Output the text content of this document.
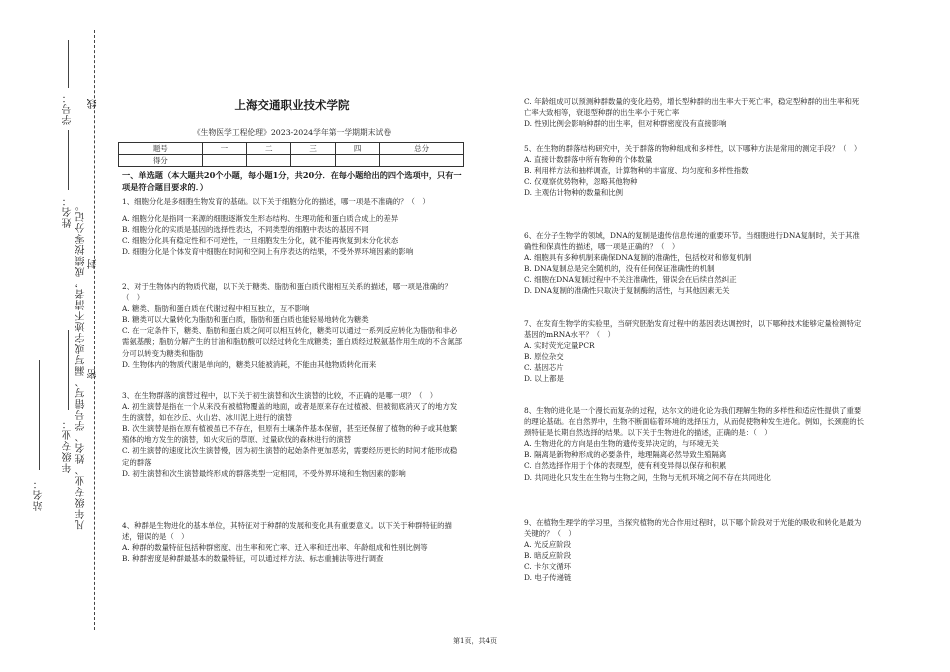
线
封
密
学号：
姓名： 凡年级专业、姓名、学号错写、漏写或字迹不清者，成绩按零分记。
年级专业：
站名：
上海交通职业技术学院
《生物医学工程伦理》2023-2024学年第一学期期末试卷
题号	一	二	三	四	总分
得分					
一、单选题（本大题共20个小题，每小题1分，共20分．在每小题给出的四个选项中，只有一项是符合题目要求的．）

1、细胞分化是多细胞生物发育的基础。以下关于细胞分化的描述，哪一项是不准确的？（　）

A. 细胞分化是指同一来源的细胞逐渐发生形态结构、生理功能和蛋白质合成上的差异

B. 细胞分化的实质是基因的选择性表达，不同类型的细胞中表达的基因不同

C. 细胞分化具有稳定性和不可逆性，一旦细胞发生分化，就不能再恢复到未分化状态

D. 细胞分化是个体发育中细胞在时间和空间上有序表达的结果，不受外界环境因素的影响

2、对于生物体内的物质代谢，以下关于糖类、脂肪和蛋白质代谢相互关系的描述，哪一项是准确的？（　）

A. 糖类、脂肪和蛋白质在代谢过程中相互独立，互不影响

B. 糖类可以大量转化为脂肪和蛋白质，脂肪和蛋白质也能轻易地转化为糖类

C. 在一定条件下，糖类、脂肪和蛋白质之间可以相互转化，糖类可以通过一系列反应转化为脂肪和非必需氨基酸；脂肪分解产生的甘油和脂肪酸可以经过转化生成糖类；蛋白质经过脱氨基作用生成的不含氮部分可以转变为糖类和脂肪

D. 生物体内的物质代谢是单向的，糖类只能被消耗，不能由其他物质转化而来

3、在生物群落的演替过程中，以下关于初生演替和次生演替的比较，不正确的是哪一项？（　）

A. 初生演替是指在一个从来没有被植物覆盖的地面，或者是原来存在过植被、但被彻底消灭了的地方发生的演替，如在沙丘、火山岩、冰川泥上进行的演替

B. 次生演替是指在原有植被虽已不存在，但原有土壤条件基本保留，甚至还保留了植物的种子或其他繁殖体的地方发生的演替，如火灾后的草原、过量砍伐的森林进行的演替

C. 初生演替的速度比次生演替慢，因为初生演替的起始条件更加恶劣，需要经历更长的时间才能形成稳定的群落

D. 初生演替和次生演替最终形成的群落类型一定相同，不受外界环境和生物因素的影响

4、种群是生物进化的基本单位，其特征对于种群的发展和变化具有重要意义。以下关于种群特征的描述，错误的是（　）

A. 种群的数量特征包括种群密度、出生率和死亡率、迁入率和迁出率、年龄组成和性别比例等

B. 种群密度是种群最基本的数量特征，可以通过样方法、标志重捕法等进行调查

C. 年龄组成可以预测种群数量的变化趋势，增长型种群的出生率大于死亡率，稳定型种群的出生率和死亡率大致相等，衰退型种群的出生率小于死亡率

D. 性别比例会影响种群的出生率，但对种群密度没有直接影响

5、在生物的群落结构研究中，关于群落的物种组成和多样性，以下哪种方法是常用的测定手段？（　）

A. 直接计数群落中所有物种的个体数量

B. 利用样方法和抽样调查，计算物种的丰富度、均匀度和多样性指数

C. 仅观察优势物种，忽略其他物种

D. 主观估计物种的数量和比例

6、在分子生物学的领域，DNA的复制是遗传信息传递的重要环节。当细胞进行DNA复制时，关于其准确性和保真性的描述，哪一项是正确的？（　）

A. 细胞具有多种机制来确保DNA复制的准确性，包括校对和修复机制

B. DNA复制总是完全随机的，没有任何保证准确性的机制

C. 细胞在DNA复制过程中不关注准确性，错误会在后续自然纠正

D. DNA复制的准确性只取决于复制酶的活性，与其他因素无关

7、在发育生物学的实验里，当研究胚胎发育过程中的基因表达调控时，以下哪种技术能够定量检测特定基因的mRNA水平？（　）

A. 实时荧光定量PCR

B. 原位杂交

C. 基因芯片

D. 以上都是

8、生物的进化是一个漫长而复杂的过程，达尔文的进化论为我们理解生物的多样性和适应性提供了重要的理论基础。在自然界中，生物不断面临着环境的选择压力，从而促使物种发生进化。例如，长颈鹿的长颈特征是长期自然选择的结果。以下关于生物进化的描述，正确的是：（　）

A. 生物进化的方向是由生物的遗传变异决定的，与环境无关

B. 隔离是新物种形成的必要条件，地理隔离必然导致生殖隔离

C. 自然选择作用于个体的表现型，使有利变异得以保存和积累

D. 共同进化只发生在生物与生物之间，生物与无机环境之间不存在共同进化

9、在植物生理学的学习里，当探究植物的光合作用过程时，以下哪个阶段对于光能的吸收和转化是最为关键的？（　）

A. 光反应阶段

B. 暗反应阶段

C. 卡尔文循环

D. 电子传递链

第1页，共4页
